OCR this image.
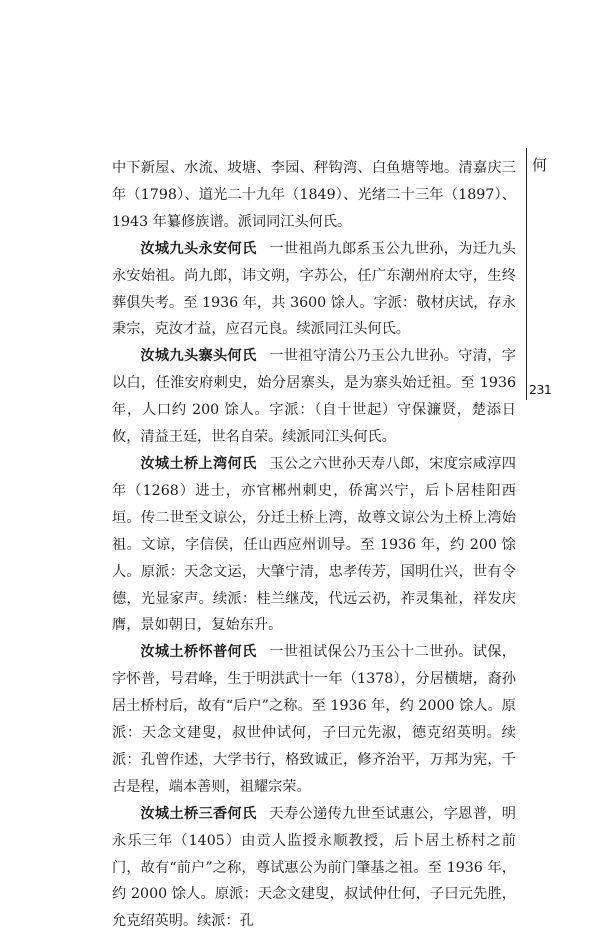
何
231

中下新屋、水流、坡塘、李园、秤钩湾、白鱼塘等地。清嘉庆三年（1798）、道光二十九年（1849）、光绪二十三年（1897）、1943 年纂修族谱。派词同江头何氏。

汝城九头永安何氏 一世祖尚九郎系玉公九世孙，为迁九头永安始祖。尚九郎，讳文朔，字苏公，任广东潮州府太守，生终葬俱失考。至 1936 年，共 3600 馀人。字派：敬材庆试，存永秉宗，克汝才益，应召元良。续派同江头何氏。

汝城九头寨头何氏 一世祖守清公乃玉公九世孙。守清，字以白，任淮安府刺史，始分居寨头，是为寨头始迁祖。至 1936 年，人口约 200 馀人。字派：（自十世起）守保濂贤，楚添日攸，清益王廷，世名自荣。续派同江头何氏。

汝城土桥上湾何氏 玉公之六世孙天寿八郎，宋度宗咸淳四年（1268）进士，亦官郴州刺史，侨寓兴宁，后卜居桂阳西垣。传二世至文谅公，分迁土桥上湾，故尊文谅公为土桥上湾始祖。文谅，字信侯，任山西应州训导。至 1936 年，约 200 馀人。原派：天念文运，大肇宁清，忠孝传芳，国明仕兴，世有令德，光显家声。续派：桂兰继茂，代远云礽，祚灵集祉，祥发庆膺，景如朝日，复始东升。

汝城土桥怀普何氏 一世祖试保公乃玉公十二世孙。试保，字怀普，号君峰，生于明洪武十一年（1378），分居横塘，裔孙居土桥村后，故有“后户”之称。至 1936 年，约 2000 馀人。原派：天念文建叟，叔世仲试何，子曰元先淑，德克绍英明。续派：孔曾作述，大学书行，格致诚正，修齐治平，万邦为宪，千古是程，端本善则，祖耀宗荣。

汝城土桥三香何氏 天寿公递传九世至试惠公，字恩普，明永乐三年（1405）由贡人监授永顺教授，后卜居土桥村之前门，故有“前户”之称，尊试惠公为前门肇基之祖。至 1936 年，约 2000 馀人。原派：天念文建叟，叔试仲仕何，子曰元先胜，允克绍英明。续派：孔
